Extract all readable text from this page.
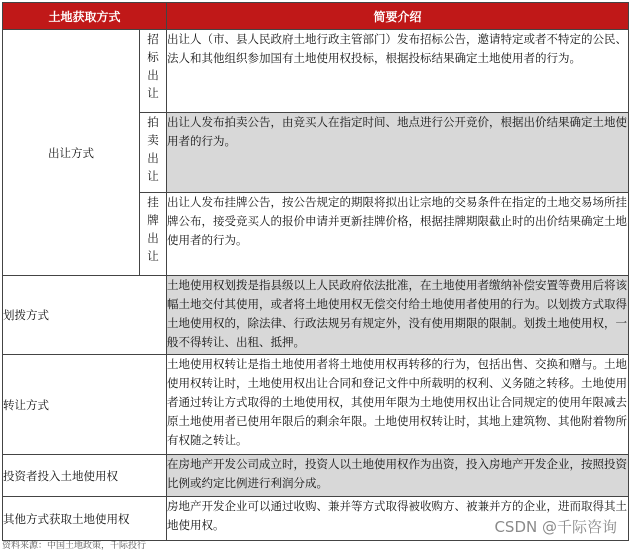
土地获取方式		简要介绍
出让方式	招标出让	出让人（市、县人民政府土地行政主管部门）发布招标公告，邀请特定或者不特定的公民、法人和其他组织参加国有土地使用权投标，根据投标结果确定土地使用者的行为。

	拍卖出让	出让人发布拍卖公告，由竞买人在指定时间、地点进行公开竞价，根据出价结果确定土地使用者的行为。

	挂牌出让	出让人发布挂牌公告，按公告规定的期限将拟出让宗地的交易条件在指定的土地交易场所挂牌公布，接受竞买人的报价申请并更新挂牌价格，根据挂牌期限截止时的出价结果确定土地使用者的行为。
划拨方式		土地使用权划拨是指县级以上人民政府依法批准，在土地使用者缴纳补偿安置等费用后将该幅土地交付其使用，或者将土地使用权无偿交付给土地使用者使用的行为。以划拨方式取得土地使用权的，除法律、行政法规另有规定外，没有使用期限的限制。划拨土地使用权，一般不得转让、出租、抵押。
转让方式		土地使用权转让是指土地使用者将土地使用权再转移的行为，包括出售、交换和赠与。土地使用权转让时，土地使用权出让合同和登记文件中所载明的权利、义务随之转移。土地使用者通过转让方式取得的土地使用权，其使用年限为土地使用权出让合同规定的使用年限减去原土地使用者已使用年限后的剩余年限。土地使用权转让时，其地上建筑物、其他附着物所有权随之转让。
投资者投入土地使用权		在房地产开发公司成立时，投资人以土地使用权作为出资，投入房地产开发企业，按照投资比例或约定比例进行利润分成。
其他方式获取土地使用权		房地产开发企业可以通过收购、兼并等方式取得被收购方、被兼并方的企业，进而取得其土地使用权。	CSDN @千际咨询
资料来源：中国土地政策，千际投行
